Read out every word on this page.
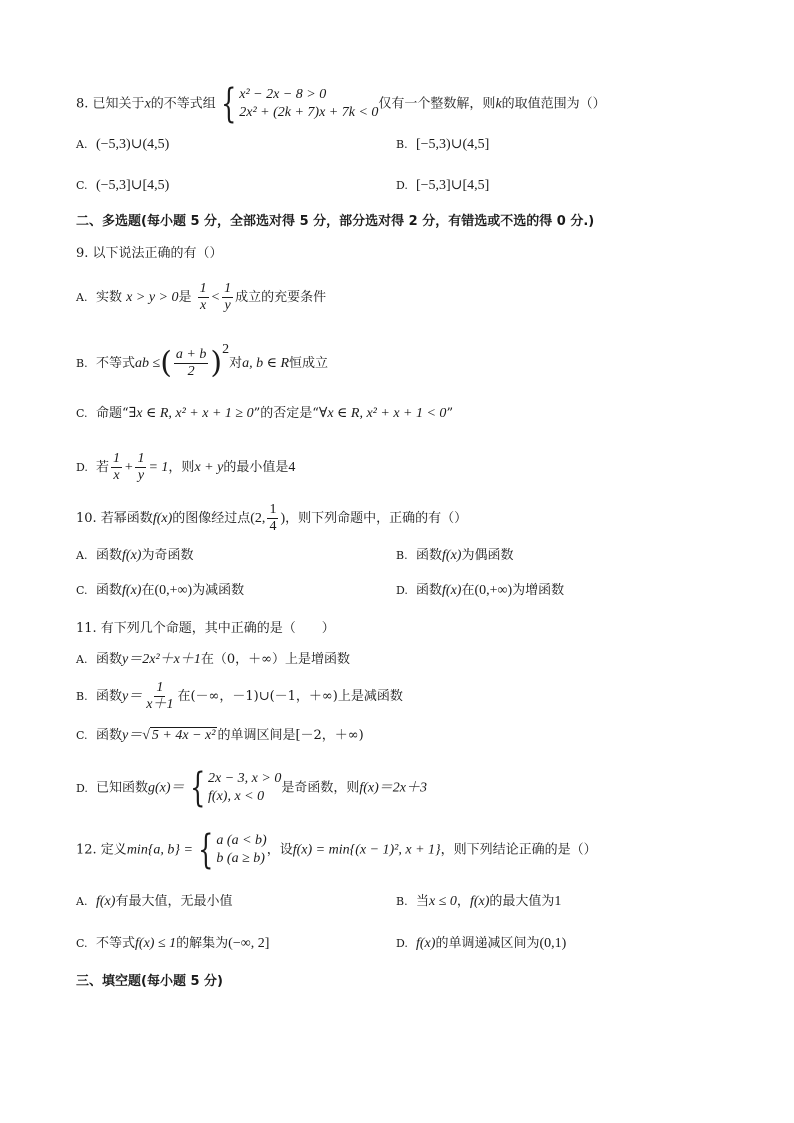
8. 已知关于x的不等式组 { x² − 2x − 8 > 0
2x² + (2k + 7)x + 7k < 0
仅有一个整数解，则k的取值范围为（）
A. (−5,3)∪(4,5)	B. [−5,3)∪(4,5]
C. (−5,3]∪[4,5)	D. [−5,3]∪[4,5]
二、多选题(每小题 5 分，全部选对得 5 分，部分选对得 2 分，有错选或不选的得 0 分.)
9. 以下说法正确的有（）
A. 实数 x > y > 0是 $\frac{1}{x} < \frac{1}{y}$ 成立的充要条件
B. 不等式ab ≤( $\frac{a + b}{2} )^2$对a, b ∈ R恒成立
C. 命题“∃x ∈ R, x² + x + 1 ≥ 0”的否定是“∀x ∈ R, x² + x + 1 < 0”
D. 若 $\frac{1}{x} + \frac{1}{y} = 1$，则x + y的最小值是4
10. 若幂函数f(x)的图像经过点(2, $\frac{1}{4}$ )，则下列命题中，正确的有（）
A. 函数f(x)为奇函数	B. 函数f(x)为偶函数
C. 函数f(x)在(0,+∞)为减函数	D. 函数f(x)在(0,+∞)为增函数
11. 有下列几个命题，其中正确的是（　　）
A. 函数y＝2x²＋x＋1在（0，＋∞）上是增函数
B. 函数$y= \frac{1}{x+1}$ 在(－∞，－1)∪(－1，＋∞)上是减函数
C. 函数y＝√ 5 + 4x − x² 的单调区间是[－2，＋∞)
D. 已知函数g(x)＝ { 2x − 3, x > 0
f(x), x < 0
是奇函数，则f(x)＝2x＋3
12. 定义min{a, b} = { a (a < b)
b (a ≥ b)
，设f(x) = min{(x − 1)², x + 1}，则下列结论正确的是（）
A. f(x)有最大值，无最小值	B. 当x ≤ 0，f(x)的最大值为1
C. 不等式f(x) ≤ 1的解集为(−∞, 2]	D. f(x)的单调递减区间为(0,1)
三、填空题(每小题 5 分)
